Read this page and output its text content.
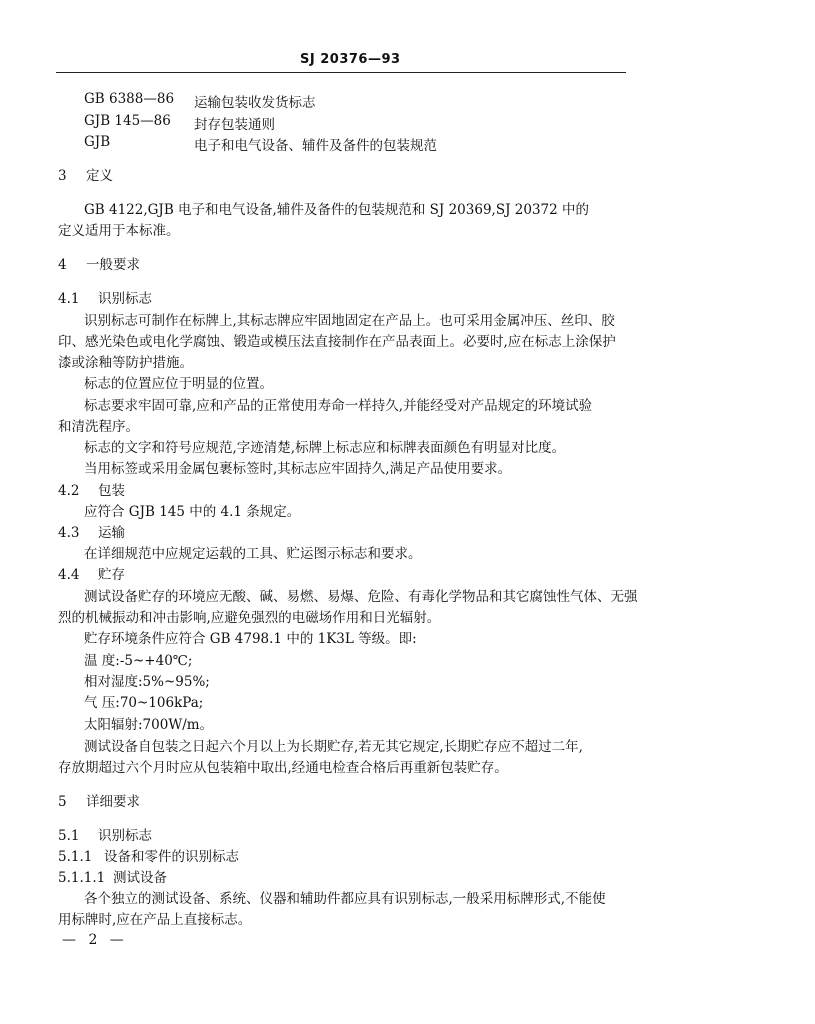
SJ 20376—93
GB 6388—86 运输包装收发货标志
GJB 145—86 封存包装通则
GJB	电子和电气设备、辅件及备件的包装规范
3 定义
GB 4122,GJB 电子和电气设备,辅件及备件的包装规范和 SJ 20369,SJ 20372 中的
定义适用于本标准。
4 一般要求
4.1 识别标志
识别标志可制作在标牌上,其标志牌应牢固地固定在产品上。也可采用金属冲压、丝印、胶
印、感光染色或电化学腐蚀、锻造或模压法直接制作在产品表面上。必要时,应在标志上涂保护
漆或涂釉等防护措施。
标志的位置应位于明显的位置。
标志要求牢固可靠,应和产品的正常使用寿命一样持久,并能经受对产品规定的环境试验
和清洗程序。
标志的文字和符号应规范,字迹清楚,标牌上标志应和标牌表面颜色有明显对比度。
当用标签或采用金属包裹标签时,其标志应牢固持久,满足产品使用要求。
4.2 包装
应符合 GJB 145 中的 4.1 条规定。
4.3 运输
在详细规范中应规定运载的工具、贮运图示标志和要求。
4.4 贮存
测试设备贮存的环境应无酸、碱、易燃、易爆、危险、有毒化学物品和其它腐蚀性气体、无强
烈的机械振动和冲击影响,应避免强烈的电磁场作用和日光辐射。
贮存环境条件应符合 GB 4798.1 中的 1K3L 等级。即:
温 度:-5~+40℃;
相对湿度:5%~95%;
气 压:70~106kPa;
太阳辐射:700W/m。
测试设备自包装之日起六个月以上为长期贮存,若无其它规定,长期贮存应不超过二年,
存放期超过六个月时应从包装箱中取出,经通电检查合格后再重新包装贮存。
5 详细要求
5.1 识别标志
5.1.1 设备和零件的识别标志
5.1.1.1 测试设备
各个独立的测试设备、系统、仪器和辅助件都应具有识别标志,一般采用标牌形式,不能使
用标牌时,应在产品上直接标志。
— 2 —
